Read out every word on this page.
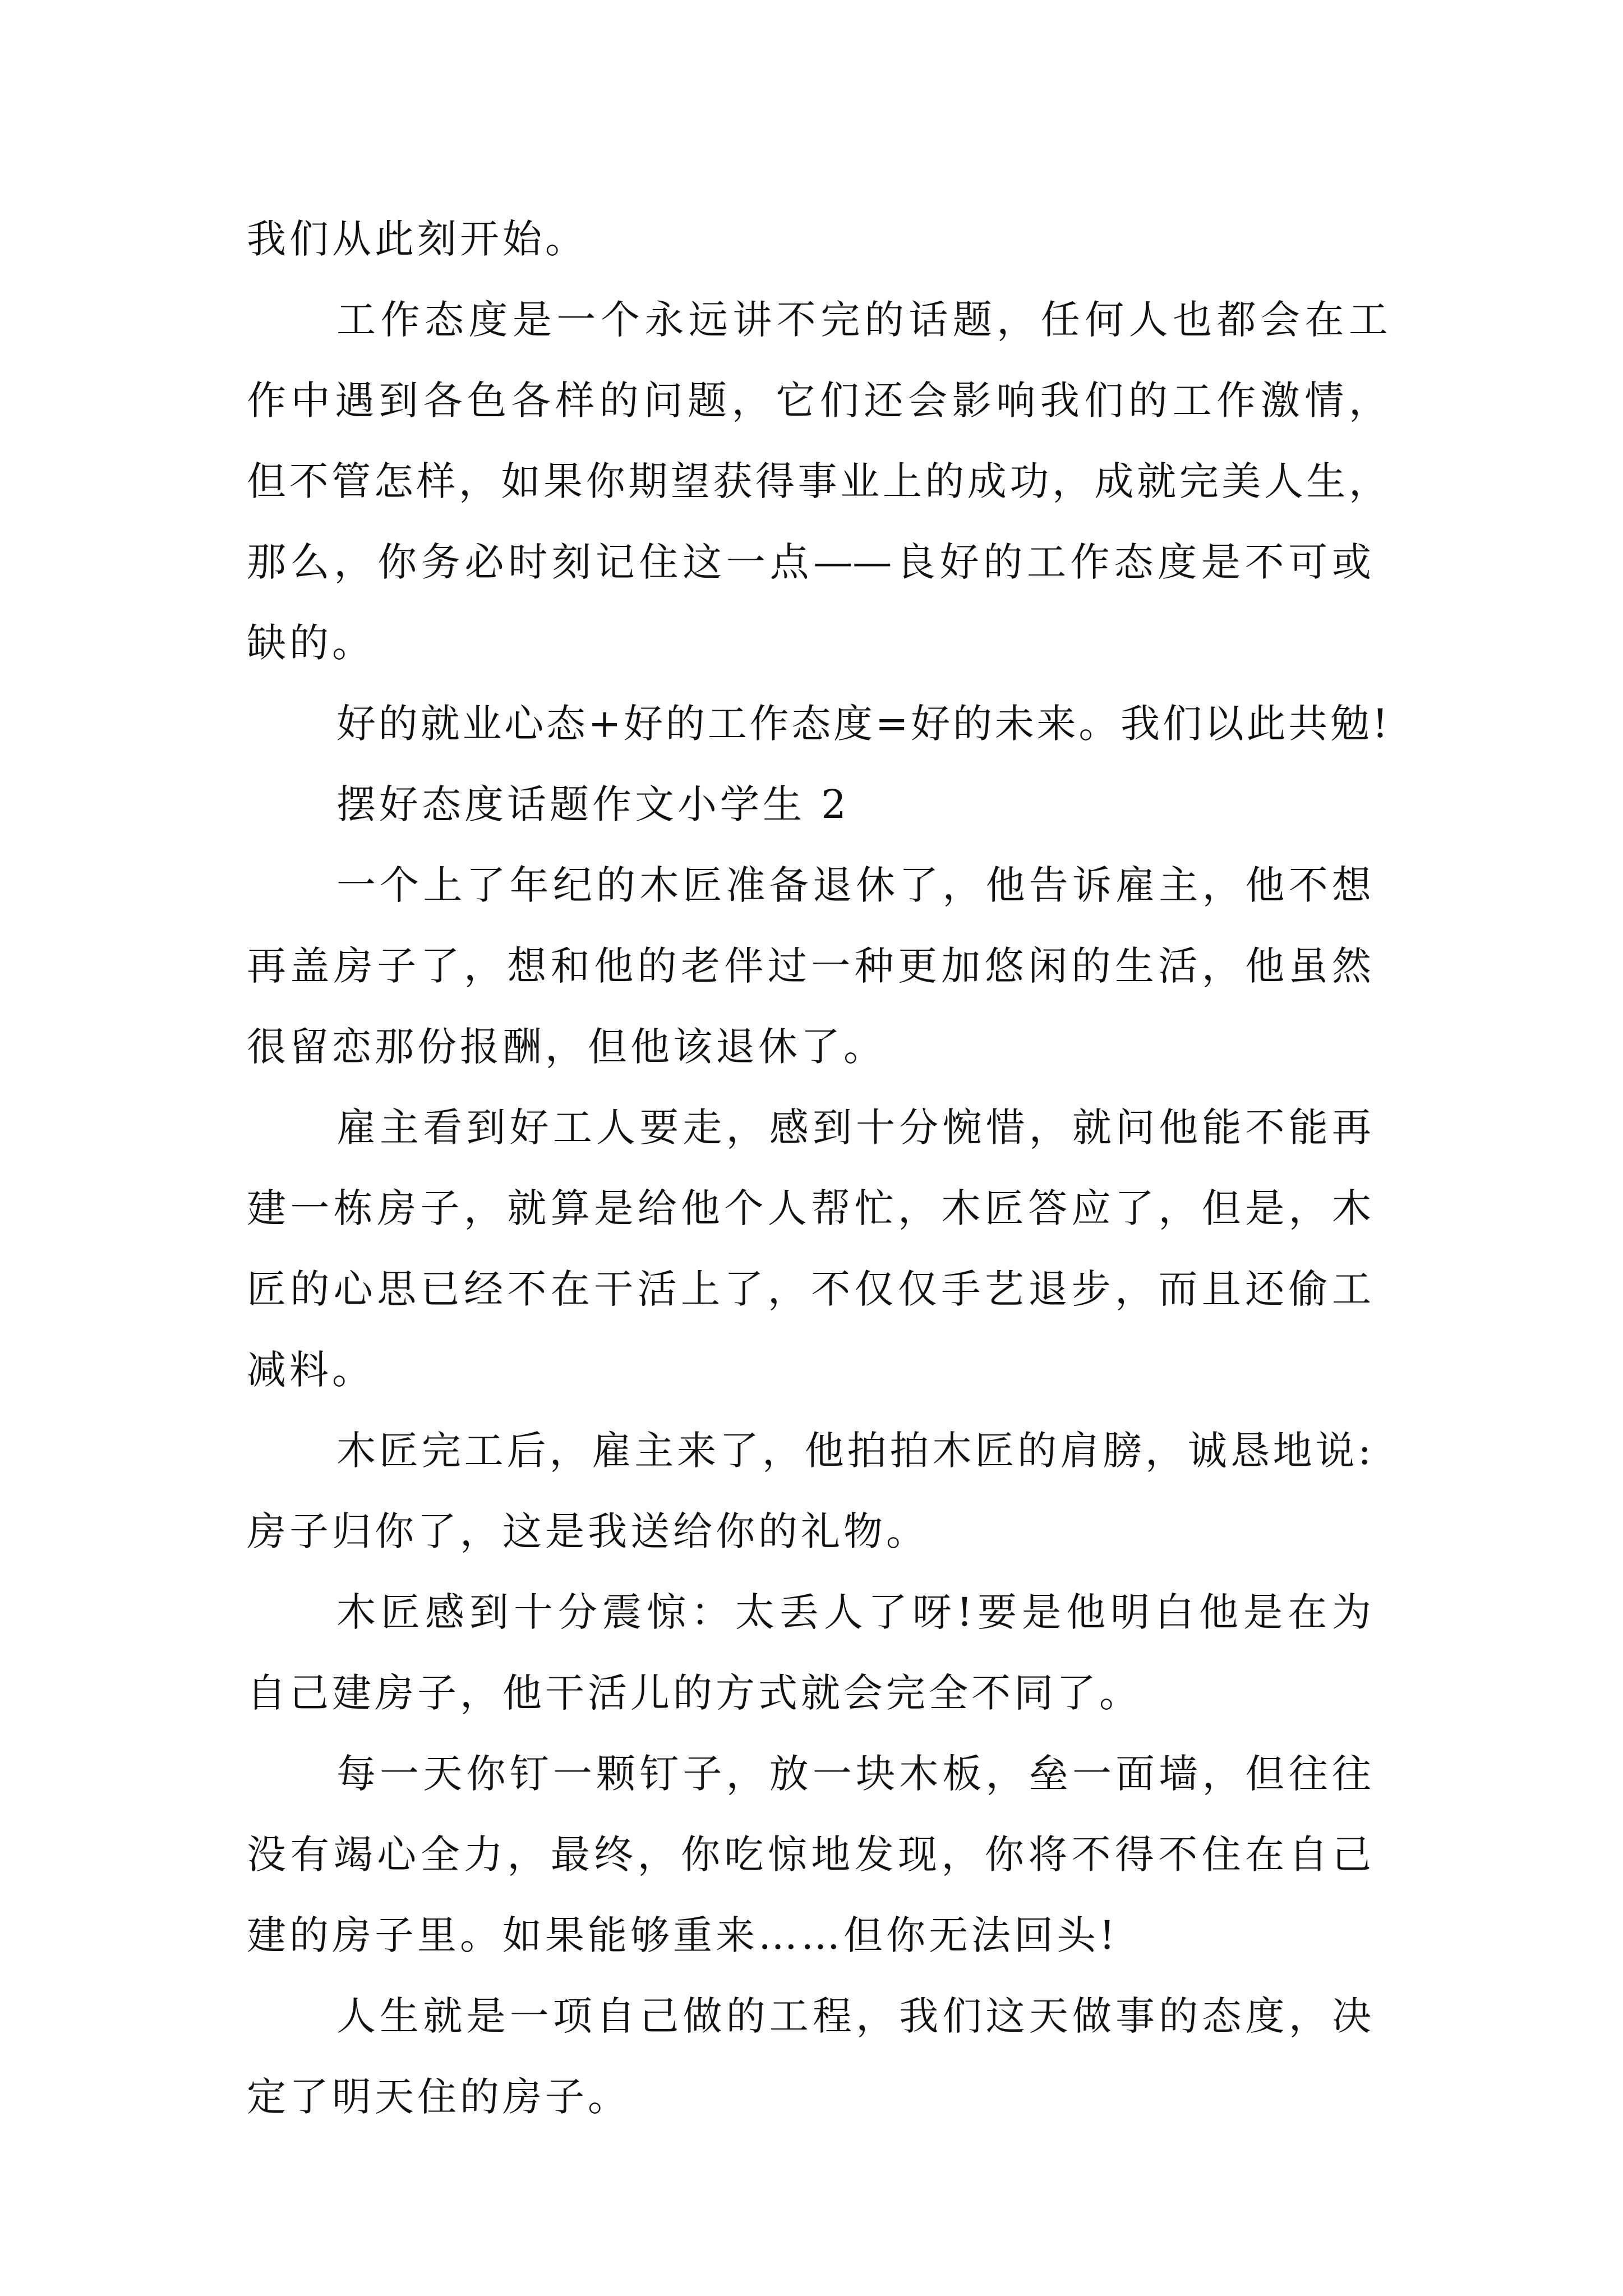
我们从此刻开始。
工作态度是一个永远讲不完的话题，任何人也都会在工
作中遇到各色各样的问题，它们还会影响我们的工作激情，
但不管怎样，如果你期望获得事业上的成功，成就完美人生，
那么，你务必时刻记住这一点——良好的工作态度是不可或
缺的。
好的就业心态+好的工作态度=好的未来。我们以此共勉!
摆好态度话题作文小学生 2
一个上了年纪的木匠准备退休了，他告诉雇主，他不想
再盖房子了，想和他的老伴过一种更加悠闲的生活，他虽然
很留恋那份报酬，但他该退休了。
雇主看到好工人要走，感到十分惋惜，就问他能不能再
建一栋房子，就算是给他个人帮忙，木匠答应了，但是，木
匠的心思已经不在干活上了，不仅仅手艺退步，而且还偷工
减料。
木匠完工后，雇主来了，他拍拍木匠的肩膀，诚恳地说:
房子归你了，这是我送给你的礼物。
木匠感到十分震惊：太丢人了呀!要是他明白他是在为
自己建房子，他干活儿的方式就会完全不同了。
每一天你钉一颗钉子，放一块木板，垒一面墙，但往往
没有竭心全力，最终，你吃惊地发现，你将不得不住在自己
建的房子里。如果能够重来……但你无法回头!
人生就是一项自己做的工程，我们这天做事的态度，决
定了明天住的房子。
